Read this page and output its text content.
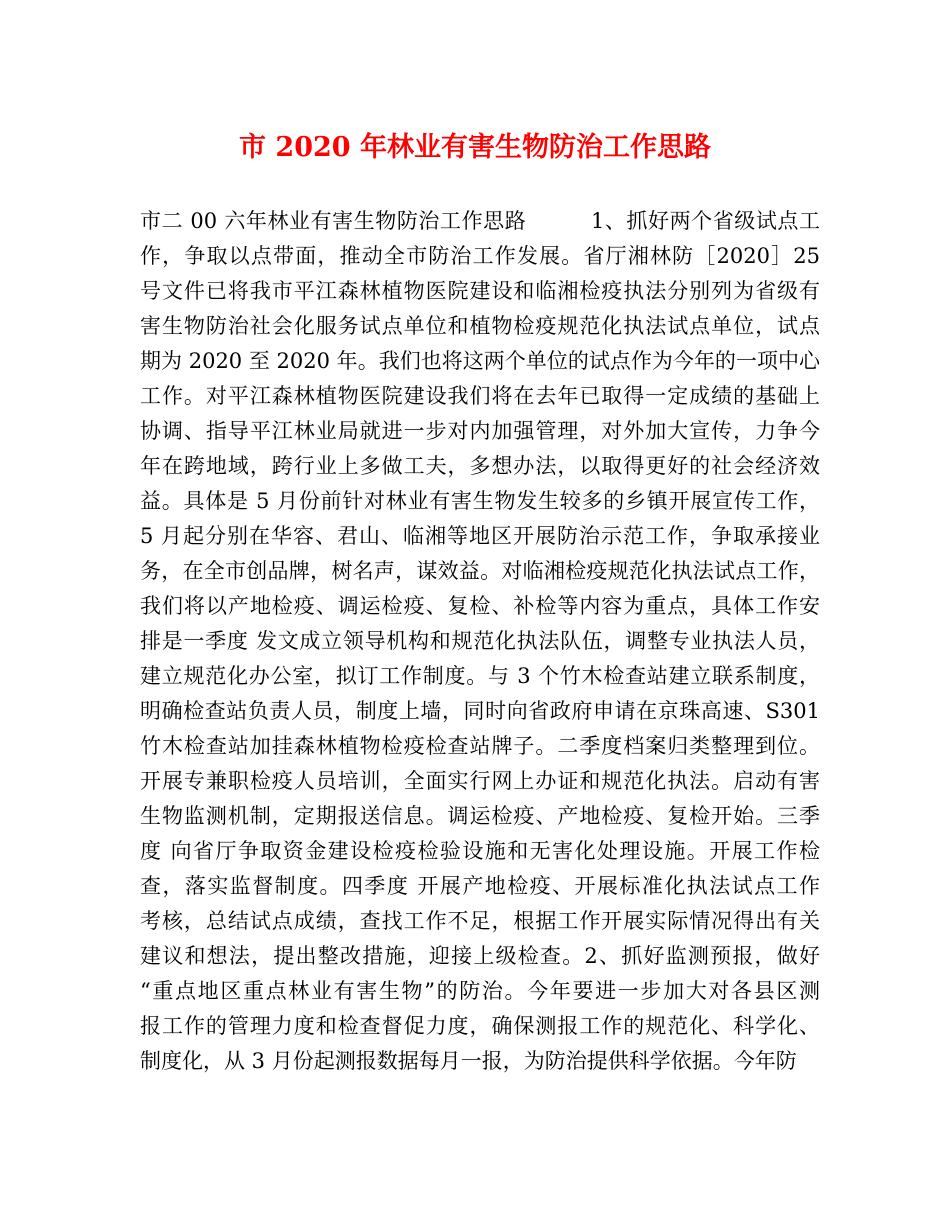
市 2020 年林业有害生物防治工作思路
市二 00 六年林业有害生物防治工作思路　　　1、抓好两个省级试点工
作，争取以点带面，推动全市防治工作发展。省厅湘林防［2020］25
号文件已将我市平江森林植物医院建设和临湘检疫执法分别列为省级有
害生物防治社会化服务试点单位和植物检疫规范化执法试点单位，试点
期为 2020 至 2020 年。我们也将这两个单位的试点作为今年的一项中心
工作。对平江森林植物医院建设我们将在去年已取得一定成绩的基础上
协调、指导平江林业局就进一步对内加强管理，对外加大宣传，力争今
年在跨地域，跨行业上多做工夫，多想办法，以取得更好的社会经济效
益。具体是 5 月份前针对林业有害生物发生较多的乡镇开展宣传工作，
5 月起分别在华容、君山、临湘等地区开展防治示范工作，争取承接业
务，在全市创品牌，树名声，谋效益。对临湘检疫规范化执法试点工作，
我们将以产地检疫、调运检疫、复检、补检等内容为重点，具体工作安
排是一季度 发文成立领导机构和规范化执法队伍，调整专业执法人员，
建立规范化办公室，拟订工作制度。与 3 个竹木检查站建立联系制度，
明确检查站负责人员，制度上墙，同时向省政府申请在京珠高速、S301
竹木检查站加挂森林植物检疫检查站牌子。二季度档案归类整理到位。
开展专兼职检疫人员培训，全面实行网上办证和规范化执法。启动有害
生物监测机制，定期报送信息。调运检疫、产地检疫、复检开始。三季
度 向省厅争取资金建设检疫检验设施和无害化处理设施。开展工作检
查，落实监督制度。四季度 开展产地检疫、开展标准化执法试点工作
考核，总结试点成绩，查找工作不足，根据工作开展实际情况得出有关
建议和想法，提出整改措施，迎接上级检查。2、抓好监测预报，做好
“重点地区重点林业有害生物”的防治。今年要进一步加大对各县区测
报工作的管理力度和检查督促力度，确保测报工作的规范化、科学化、
制度化，从 3 月份起测报数据每月一报，为防治提供科学依据。今年防
